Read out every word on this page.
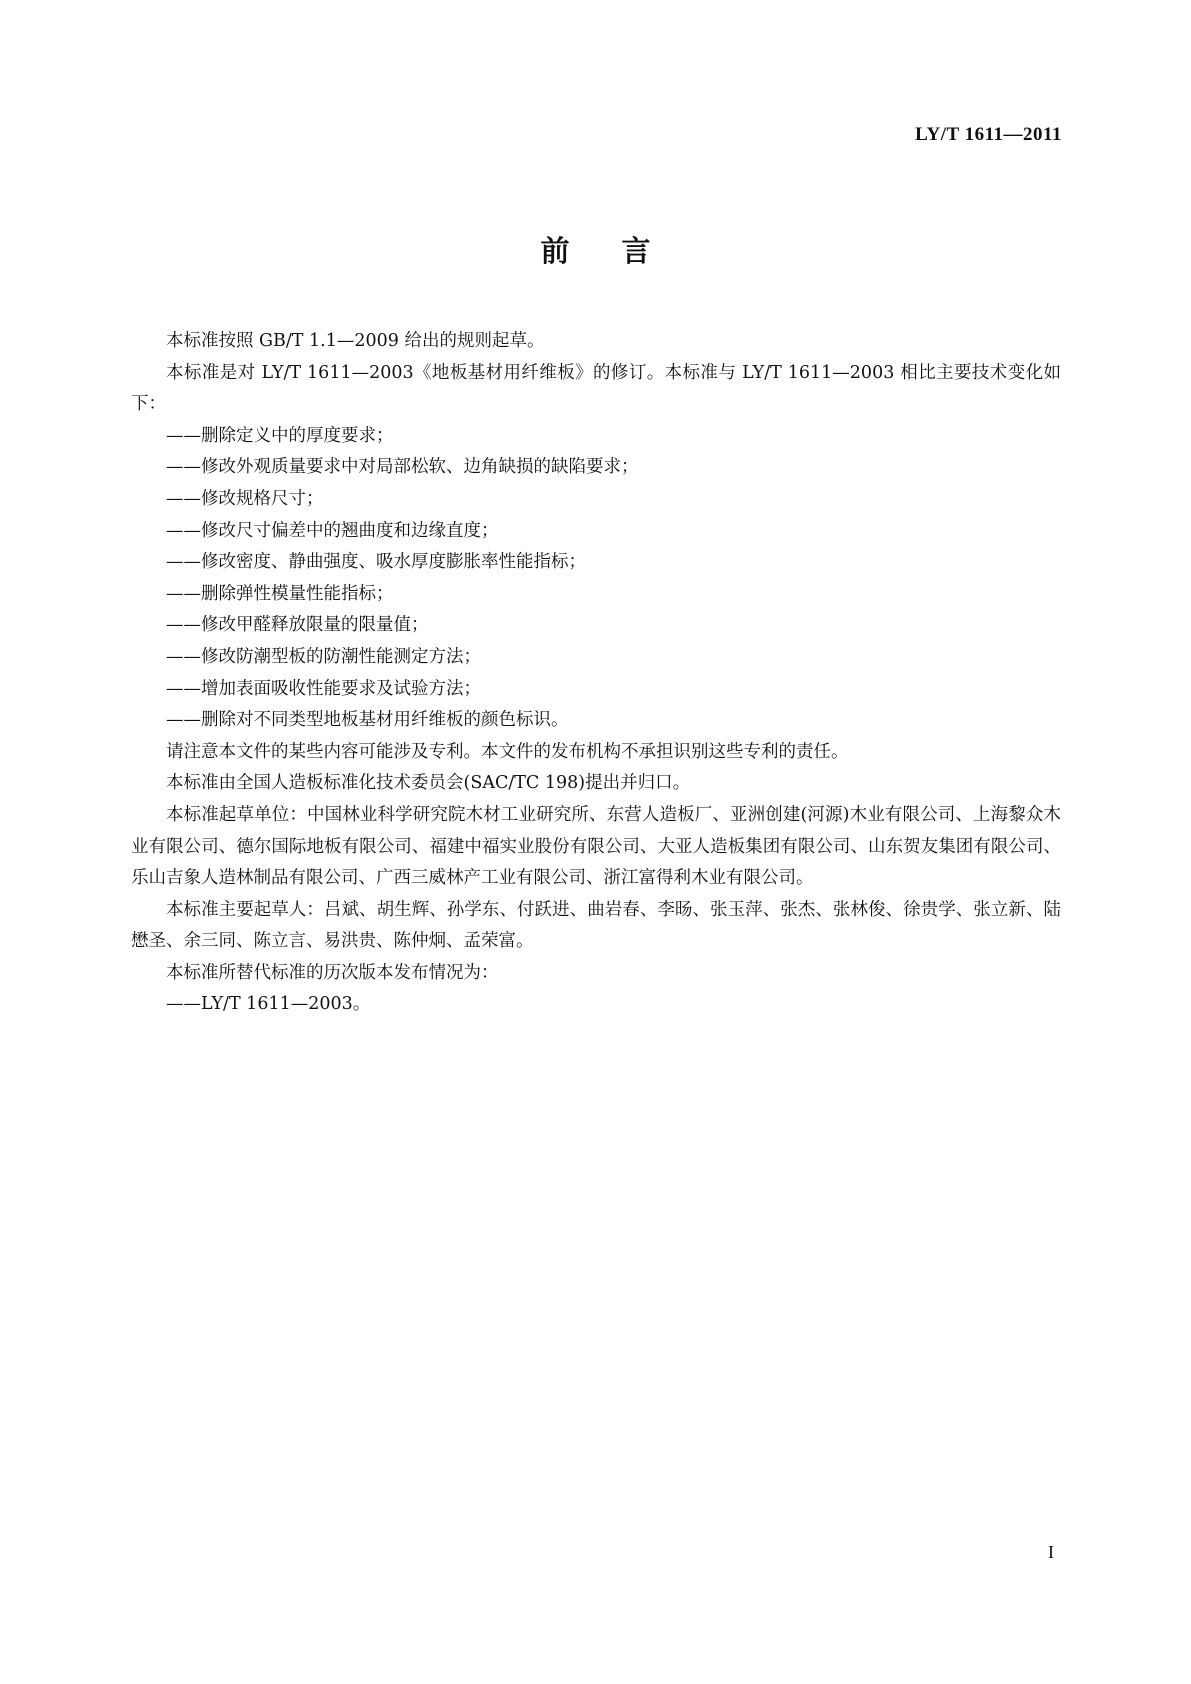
LY/T 1611—2011
前言

本标准按照 GB/T 1.1—2009 给出的规则起草。

本标准是对 LY/T 1611—2003《地板基材用纤维板》的修订。本标准与 LY/T 1611—2003 相比主要技术变化如下：

——删除定义中的厚度要求；

——修改外观质量要求中对局部松软、边角缺损的缺陷要求；

——修改规格尺寸；

——修改尺寸偏差中的翘曲度和边缘直度；

——修改密度、静曲强度、吸水厚度膨胀率性能指标；

——删除弹性模量性能指标；

——修改甲醛释放限量的限量值；

——修改防潮型板的防潮性能测定方法；

——增加表面吸收性能要求及试验方法；

——删除对不同类型地板基材用纤维板的颜色标识。

请注意本文件的某些内容可能涉及专利。本文件的发布机构不承担识别这些专利的责任。

本标准由全国人造板标准化技术委员会(SAC/TC 198)提出并归口。

本标准起草单位：中国林业科学研究院木材工业研究所、东营人造板厂、亚洲创建(河源)木业有限公司、上海黎众木业有限公司、德尔国际地板有限公司、福建中福实业股份有限公司、大亚人造板集团有限公司、山东贺友集团有限公司、乐山吉象人造林制品有限公司、广西三威林产工业有限公司、浙江富得利木业有限公司。

本标准主要起草人：吕斌、胡生辉、孙学东、付跃进、曲岩春、李旸、张玉萍、张杰、张林俊、徐贵学、张立新、陆懋圣、余三同、陈立言、易洪贵、陈仲炯、孟荣富。

本标准所替代标准的历次版本发布情况为：

——LY/T 1611—2003。

I
